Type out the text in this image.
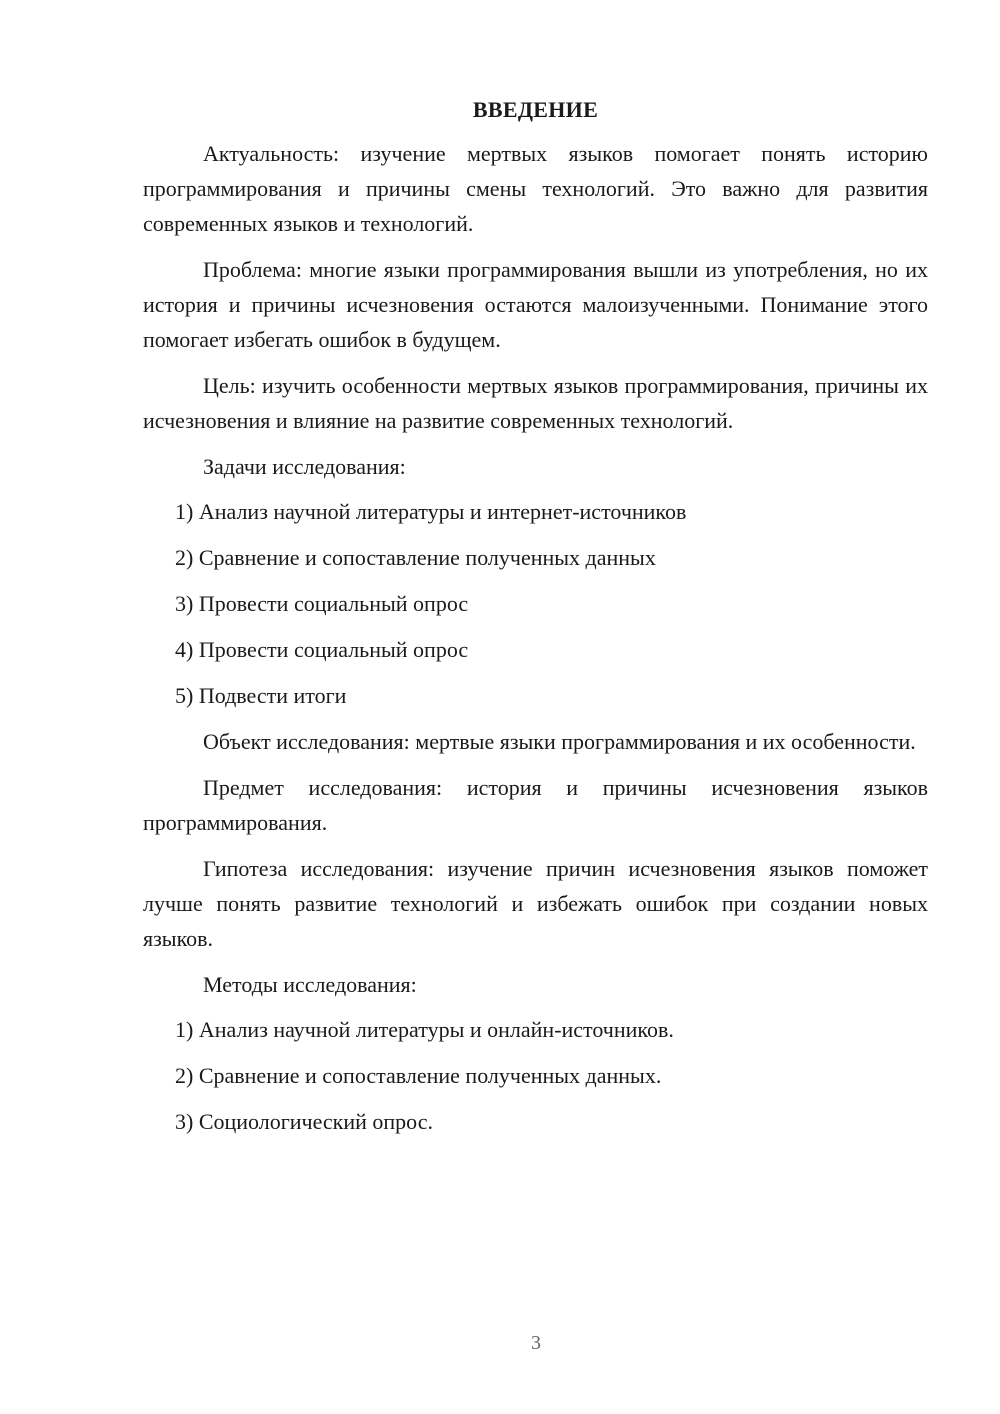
ВВЕДЕНИЕ

Актуальность: изучение мертвых языков помогает понять историю программирования и причины смены технологий. Это важно для развития современных языков и технологий.

Проблема: многие языки программирования вышли из употребления, но их история и причины исчезновения остаются малоизученными. Понимание этого помогает избегать ошибок в будущем.

Цель: изучить особенности мертвых языков программирования, причины их исчезновения и влияние на развитие современных технологий.

Задачи исследования:

1) Анализ научной литературы и интернет-источников
2) Сравнение и сопоставление полученных данных
3) Провести социальный опрос
4) Провести социальный опрос
5) Подвести итоги

Объект исследования: мертвые языки программирования и их особенности.

Предмет исследования: история и причины исчезновения языков программирования.

Гипотеза исследования: изучение причин исчезновения языков поможет лучше понять развитие технологий и избежать ошибок при создании новых языков.

Методы исследования:

1) Анализ научной литературы и онлайн-источников.
2) Сравнение и сопоставление полученных данных.
3) Социологический опрос.
3
